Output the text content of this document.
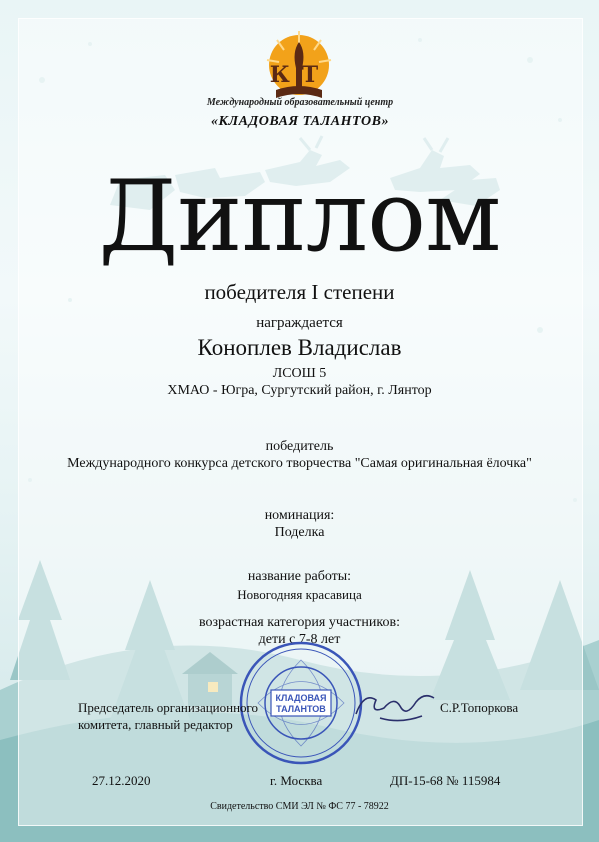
КТ
Международный образовательный центр
«КЛАДОВАЯ ТАЛАНТОВ»
Диплом
победителя I степени
награждается
Коноплев Владислав
ЛСОШ 5
ХМАО - Югра, Сургутский район, г. Лянтор
победитель
Международного конкурса детского творчества "Самая оригинальная ёлочка"
номинация:
Поделка
название работы:
Новогодняя красавица
возрастная категория участников:
дети с 7-8 лет
КЛАДОВАЯ
ТАЛАНТОВ
Председатель организационного
комитета, главный редактор
С.Р.Топоркова
27.12.2020	г. Москва	ДП-15-68 № 115984
Свидетельство СМИ ЭЛ № ФС 77 - 78922
